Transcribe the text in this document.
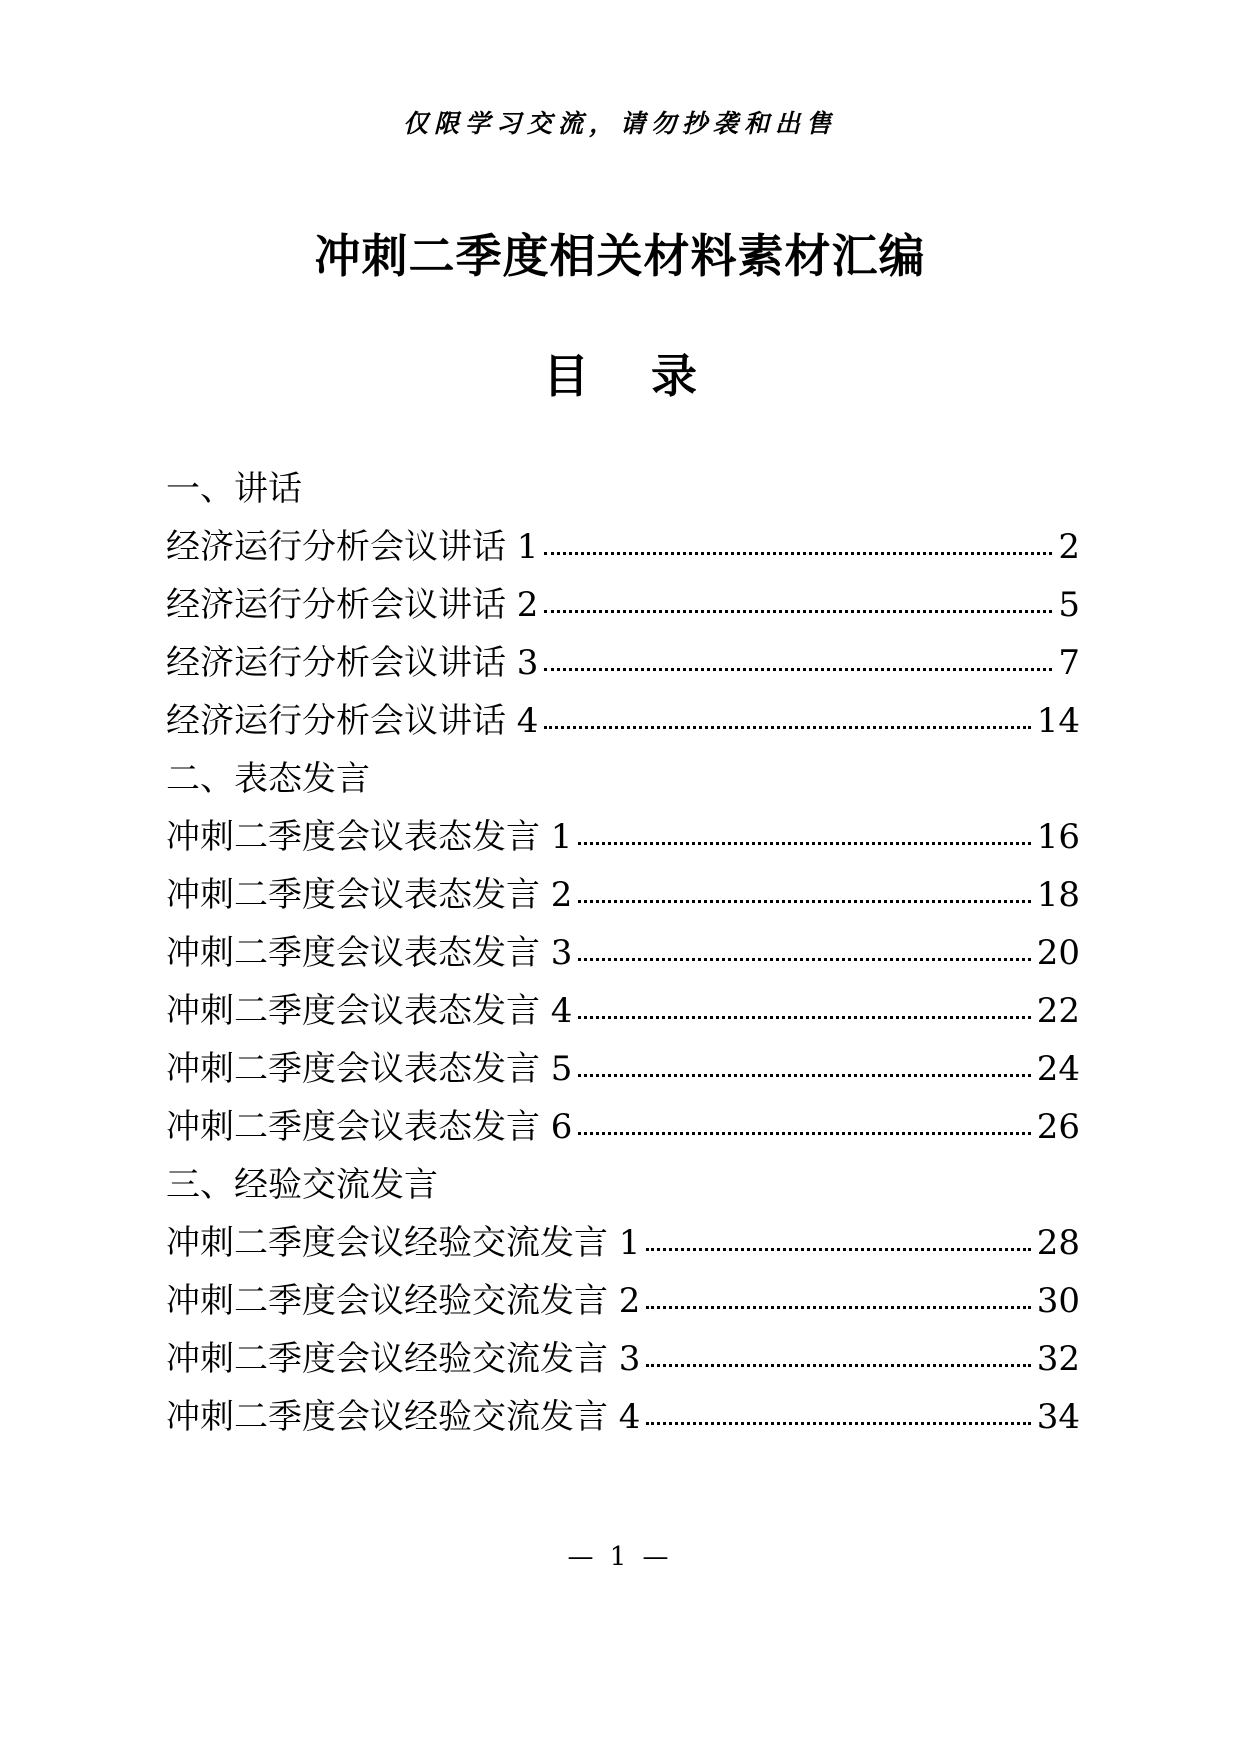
仅限学习交流，请勿抄袭和出售
冲刺二季度相关材料素材汇编
目 录
一、讲话
经济运行分析会议讲话 1	2
经济运行分析会议讲话 2	5
经济运行分析会议讲话 3	7
经济运行分析会议讲话 4	14
二、表态发言
冲刺二季度会议表态发言 1	16
冲刺二季度会议表态发言 2	18
冲刺二季度会议表态发言 3	20
冲刺二季度会议表态发言 4	22
冲刺二季度会议表态发言 5	24
冲刺二季度会议表态发言 6	26
三、经验交流发言
冲刺二季度会议经验交流发言 1	28
冲刺二季度会议经验交流发言 2	30
冲刺二季度会议经验交流发言 3	32
冲刺二季度会议经验交流发言 4	34
— 1 —
